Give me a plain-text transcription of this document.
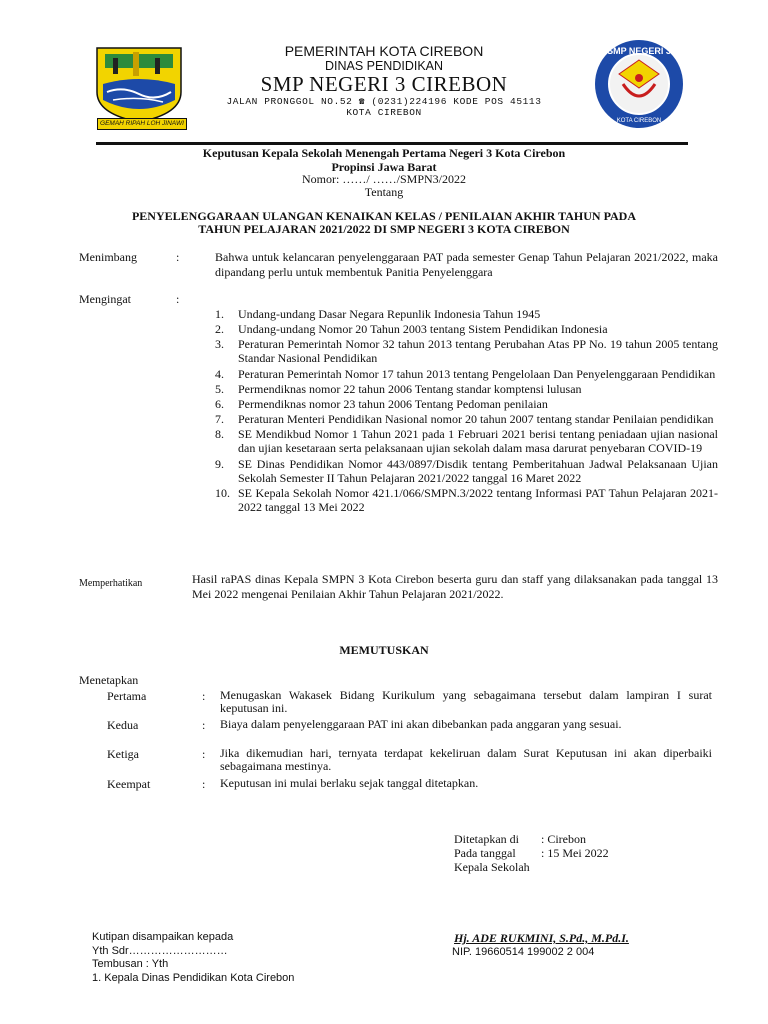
GEMAH RIPAH LOH JINAWI
SMP NEGERI 3
KOTA CIREBON
PEMERINTAH KOTA CIREBON
DINAS PENDIDIKAN
SMP NEGERI 3 CIREBON
JALAN PRONGGOL NO.52 ☎ (0231)224196 KODE POS 45113
KOTA CIREBON
Keputusan Kepala Sekolah Menengah Pertama Negeri 3 Kota Cirebon
Propinsi Jawa Barat
Nomor: ……/ ……/SMPN3/2022
Tentang
PENYELENGGARAAN ULANGAN KENAIKAN KELAS / PENILAIAN AKHIR TAHUN PADA
TAHUN PELAJARAN 2021/2022 DI SMP NEGERI 3 KOTA CIREBON
Menimbang	:	Bahwa untuk kelancaran penyelenggaraan PAT pada semester Genap Tahun Pelajaran 2021/2022, maka dipandang perlu untuk membentuk Panitia Penyelenggara
Mengingat	:
1. Undang-undang Dasar Negara Repunlik Indonesia Tahun 1945
2. Undang-undang Nomor 20 Tahun 2003 tentang Sistem Pendidikan Indonesia
3. Peraturan Pemerintah Nomor 32 tahun 2013 tentang Perubahan Atas PP No. 19 tahun 2005 tentang Standar Nasional Pendidikan
4. Peraturan Pemerintah Nomor 17 tahun 2013 tentang Pengelolaan Dan Penyelenggaraan Pendidikan
5. Permendiknas nomor 22 tahun 2006 Tentang standar komptensi lulusan
6. Permendiknas nomor 23 tahun 2006 Tentang Pedoman penilaian
7. Peraturan Menteri Pendidikan Nasional nomor 20 tahun 2007 tentang standar Penilaian pendidikan
8. SE Mendikbud Nomor 1 Tahun 2021 pada 1 Februari 2021 berisi tentang peniadaan ujian nasional dan ujian kesetaraan serta pelaksanaan ujian sekolah dalam masa darurat penyebaran COVID-19
9. SE Dinas Pendidikan Nomor 443/0897/Disdik tentang Pemberitahuan Jadwal Pelaksanaan Ujian Sekolah Semester II Tahun Pelajaran 2021/2022 tanggal 16 Maret 2022
10. SE Kepala Sekolah Nomor 421.1/066/SMPN.3/2022 tentang Informasi PAT Tahun Pelajaran 2021-2022 tanggal 13 Mei 2022
Memperhatikan	Hasil raPAS dinas Kepala SMPN 3 Kota Cirebon beserta guru dan staff yang dilaksanakan pada tanggal 13 Mei 2022 mengenai Penilaian Akhir Tahun Pelajaran 2021/2022.
MEMUTUSKAN
Menetapkan
Pertama	: Menugaskan Wakasek Bidang Kurikulum yang sebagaimana tersebut dalam lampiran I surat keputusan ini.
Kedua	: Biaya dalam penyelenggaraan PAT ini akan dibebankan pada anggaran yang sesuai.
Ketiga	: Jika dikemudian hari, ternyata terdapat kekeliruan dalam Surat Keputusan ini akan diperbaiki sebagaimana mestinya.
Keempat	: Keputusan ini mulai berlaku sejak tanggal ditetapkan.
Ditetapkan di : Cirebon
Pada tanggal : 15 Mei 2022
Kepala Sekolah
Hj. ADE RUKMINI, S.Pd., M.Pd.I.
NIP. 19660514 199002 2 004
Kutipan disampaikan kepada
Yth Sdr………………………
Tembusan : Yth
1. Kepala Dinas Pendidikan Kota Cirebon
